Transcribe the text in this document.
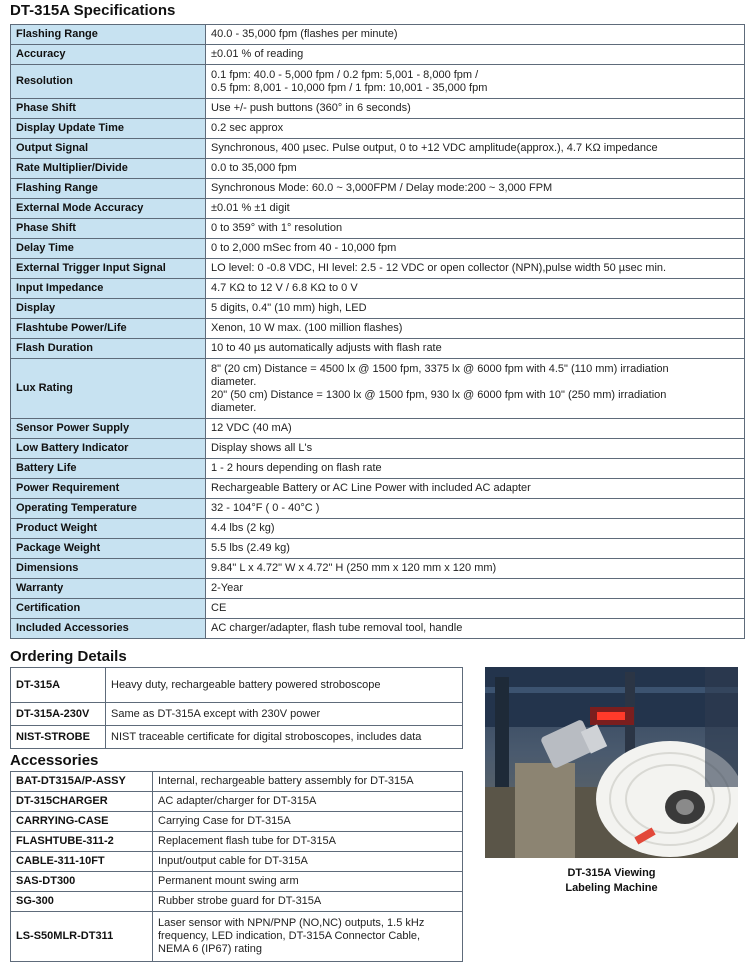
DT-315A Specifications
Flashing Range	40.0 - 35,000 fpm (flashes per minute)

Accuracy	±0.01 % of reading

Resolution	0.1 fpm: 40.0 - 5,000 fpm / 0.2 fpm: 5,001 - 8,000 fpm /
0.5 fpm: 8,001 - 10,000 fpm / 1 fpm: 10,001 - 35,000 fpm

Phase Shift	Use +/- push buttons (360° in 6 seconds)

Display Update Time	0.2 sec approx

Output Signal	Synchronous, 400 µsec. Pulse output, 0 to +12 VDC amplitude(approx.), 4.7 KΩ impedance

Rate Multiplier/Divide	0.0 to 35,000 fpm

Flashing Range	Synchronous Mode: 60.0 ~ 3,000FPM / Delay mode:200 ~ 3,000 FPM

External Mode Accuracy	±0.01 % ±1 digit

Phase Shift	0 to 359° with 1° resolution

Delay Time	0 to 2,000 mSec from 40 - 10,000 fpm

External Trigger Input Signal	LO level: 0 -0.8 VDC, HI level: 2.5 - 12 VDC or open collector (NPN),pulse width 50 µsec min.

Input Impedance	4.7 KΩ to 12 V / 6.8 KΩ to 0 V

Display	5 digits, 0.4" (10 mm) high, LED

Flashtube Power/Life	Xenon, 10 W max. (100 million flashes)

Flash Duration	10 to 40 µs automatically adjusts with flash rate

Lux Rating	8" (20 cm) Distance = 4500 lx @ 1500 fpm, 3375 lx @ 6000 fpm with 4.5" (110 mm) irradiation
diameter.
20" (50 cm) Distance = 1300 lx @ 1500 fpm, 930 lx @ 6000 fpm with 10" (250 mm) irradiation
diameter.

Sensor Power Supply	12 VDC (40 mA)

Low Battery Indicator	Display shows all L's

Battery Life	1 - 2 hours depending on flash rate

Power Requirement	Rechargeable Battery or AC Line Power with included AC adapter

Operating Temperature	32 - 104°F ( 0 - 40°C )

Product Weight	4.4 lbs (2 kg)

Package Weight	5.5 lbs (2.49 kg)

Dimensions	9.84" L x 4.72" W x 4.72" H (250 mm x 120 mm x 120 mm)

Warranty	2-Year

Certification	CE

Included Accessories	AC charger/adapter, flash tube removal tool, handle
Ordering Details
DT-315A	Heavy duty, rechargeable battery powered stroboscope

DT-315A-230V	Same as DT-315A except with 230V power

NIST-STROBE	NIST traceable certificate for digital stroboscopes, includes data
Accessories
BAT-DT315A/P-ASSY	Internal, rechargeable battery assembly for DT-315A

DT-315CHARGER	AC adapter/charger for DT-315A

CARRYING-CASE	Carrying Case for DT-315A

FLASHTUBE-311-2	Replacement flash tube for DT-315A

CABLE-311-10FT	Input/output cable for DT-315A

SAS-DT300	Permanent mount swing arm

SG-300	Rubber strobe guard for DT-315A

LS-S50MLR-DT311	Laser sensor with NPN/PNP (NO,NC) outputs, 1.5 kHz
frequency, LED indication, DT-315A Connector Cable,
NEMA 6 (IP67) rating
DT-315A Viewing
Labeling Machine
